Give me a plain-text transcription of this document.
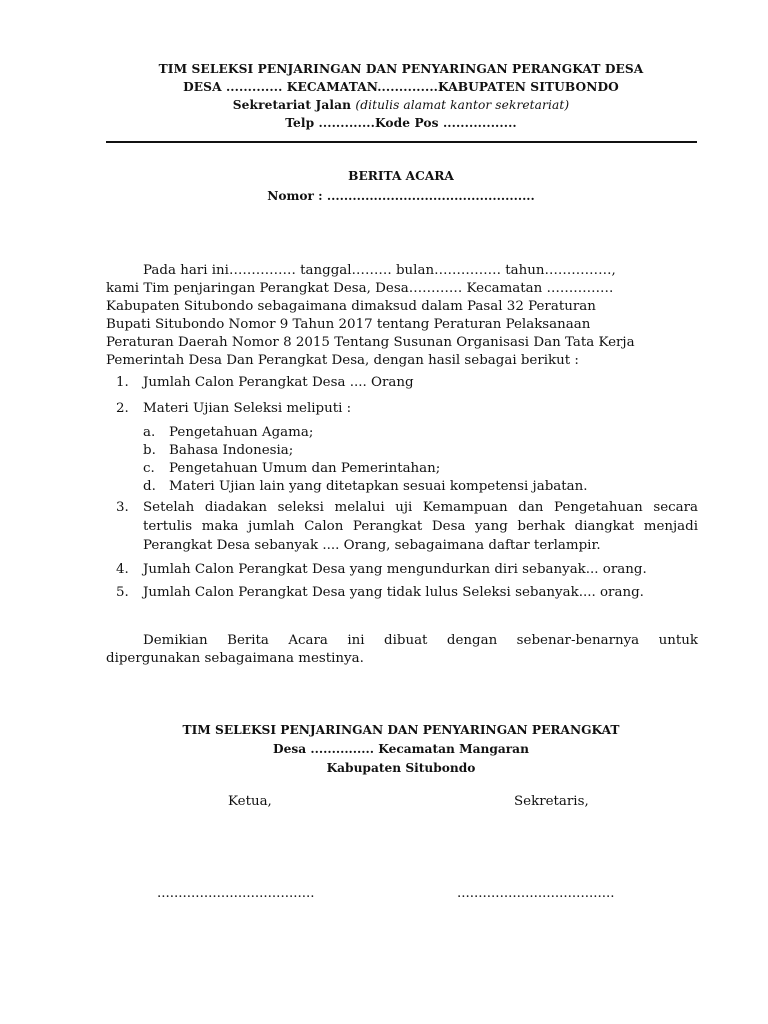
TIM SELEKSI PENJARINGAN DAN PENYARINGAN PERANGKAT DESA
DESA ............. KECAMATAN..............KABUPATEN SITUBONDO
Sekretariat Jalan (ditulis alamat kantor sekretariat)
Telp .............Kode Pos .................
BERITA ACARA
Nomor : .................................................
Pada hari ini…………… tanggal……… bulan…………… tahun……………,
kami Tim penjaringan Perangkat Desa, Desa………… Kecamatan ……………
Kabupaten Situbondo sebagaimana dimaksud dalam Pasal 32 Peraturan
Bupati Situbondo Nomor 9 Tahun 2017 tentang Peraturan Pelaksanaan
Peraturan Daerah Nomor 8 2015 Tentang Susunan Organisasi Dan Tata Kerja
Pemerintah Desa Dan Perangkat Desa, dengan hasil sebagai berikut :
1.	Jumlah Calon Perangkat Desa .... Orang
2.	Materi Ujian Seleksi meliputi :
a.	Pengetahuan Agama;
b. Bahasa Indonesia;
c.	Pengetahuan Umum dan Pemerintahan;
d. Materi Ujian lain yang ditetapkan sesuai kompetensi jabatan.
3.	Setelah diadakan seleksi melalui uji Kemampuan dan Pengetahuan secara
tertulis maka jumlah Calon Perangkat Desa yang berhak diangkat menjadi
Perangkat Desa sebanyak .... Orang, sebagaimana daftar terlampir.
4.	Jumlah Calon Perangkat Desa yang mengundurkan diri sebanyak... orang.
5.	Jumlah Calon Perangkat Desa yang tidak lulus Seleksi sebanyak.... orang.
Demikian Berita Acara ini dibuat dengan sebenar-benarnya untuk
dipergunakan sebagaimana mestinya.
TIM SELEKSI PENJARINGAN DAN PENYARINGAN PERANGKAT
Desa ............... Kecamatan Mangaran
Kabupaten Situbondo
Ketua,	Sekretaris,
.....................................	.....................................
